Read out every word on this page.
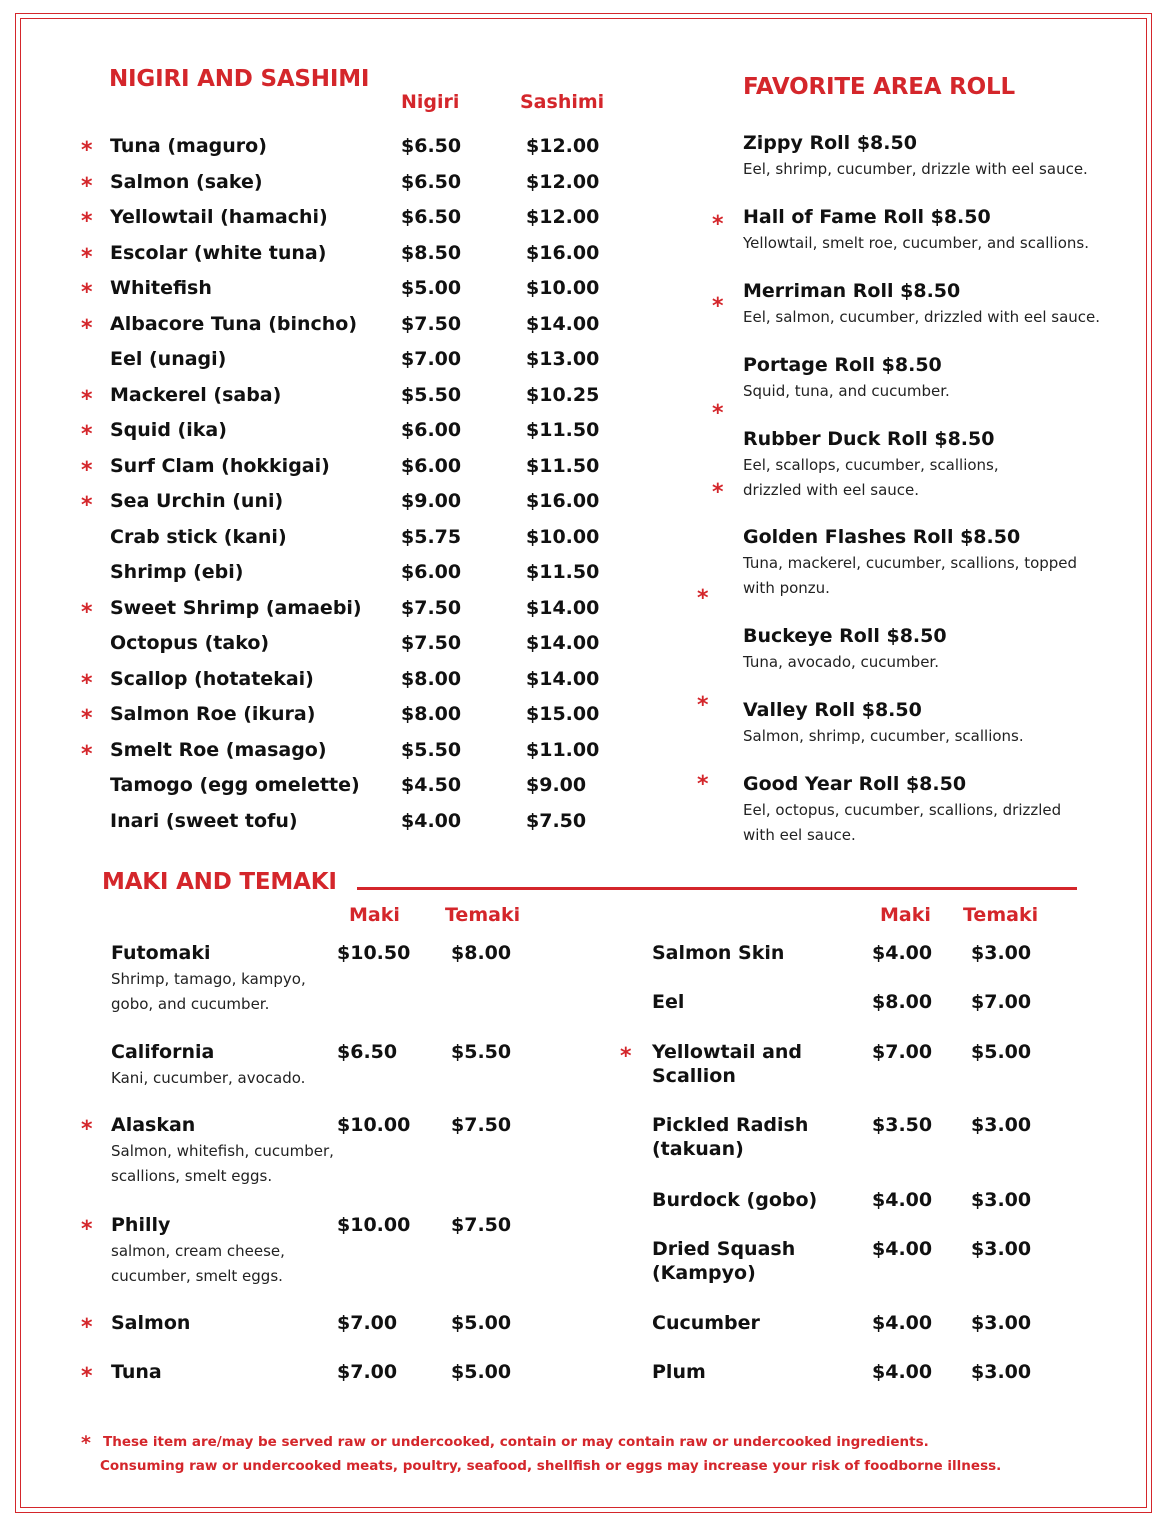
NIGIRI AND SASHIMI
Nigiri	Sashimi
* Tuna (maguro)	$6.50	$12.00
* Salmon (sake)	$6.50	$12.00
* Yellowtail (hamachi)	$6.50	$12.00
* Escolar (white tuna)	$8.50	$16.00
* Whitefish	$5.00	$10.00
* Albacore Tuna (bincho) $7.50	$14.00
Eel (unagi)	$7.00	$13.00
* Mackerel (saba)	$5.50	$10.25
* Squid (ika)	$6.00	$11.50
* Surf Clam (hokkigai)	$6.00	$11.50
* Sea Urchin (uni)	$9.00	$16.00
Crab stick (kani)	$5.75	$10.00
Shrimp (ebi)	$6.00	$11.50
* Sweet Shrimp (amaebi) $7.50	$14.00
Octopus (tako)	$7.50	$14.00
* Scallop (hotatekai)	$8.00	$14.00
* Salmon Roe (ikura)	$8.00	$15.00
* Smelt Roe (masago)	$5.50	$11.00
Tamogo (egg omelette) $4.50	$9.00
Inari (sweet tofu)	$4.00	$7.50
FAVORITE AREA ROLL
Zippy Roll $8.50
Eel, shrimp, cucumber, drizzle with eel sauce.
Hall of Fame Roll $8.50
Yellowtail, smelt roe, cucumber, and scallions.
Merriman Roll $8.50
Eel, salmon, cucumber, drizzled with eel sauce.
Portage Roll $8.50
Squid, tuna, and cucumber.
Rubber Duck Roll $8.50
Eel, scallops, cucumber, scallions,
drizzled with eel sauce.
Golden Flashes Roll $8.50
Tuna, mackerel, cucumber, scallions, topped
with ponzu.
Buckeye Roll $8.50
Tuna, avocado, cucumber.
Valley Roll $8.50
Salmon, shrimp, cucumber, scallions.
Good Year Roll $8.50
Eel, octopus, cucumber, scallions, drizzled
with eel sauce.
*
*
*
*
*
*
*
MAKI AND TEMAKI
Maki Temaki	Maki Temaki
Futomaki	$10.50 $8.00
Shrimp, tamago, kampyo,
gobo, and cucumber.
California	$6.50	$5.50
Kani, cucumber, avocado.
* Alaskan	$10.00 $7.50
Salmon, whitefish, cucumber,
scallions, smelt eggs.
* Philly	$10.00 $7.50
salmon, cream cheese,
cucumber, smelt eggs.
* Salmon	$7.00	$5.00
* Tuna	$7.00	$5.00
Salmon Skin	$4.00 $3.00
Eel	$8.00 $7.00
* Yellowtail and
Scallion
$7.00 $5.00
Pickled Radish
(takuan)
$3.50 $3.00
Burdock (gobo)	$4.00 $3.00
Dried Squash
(Kampyo)
$4.00 $3.00
Cucumber	$4.00 $3.00
Plum	$4.00 $3.00
* These item are/may be served raw or undercooked, contain or may contain raw or undercooked ingredients.
Consuming raw or undercooked meats, poultry, seafood, shellfish or eggs may increase your risk of foodborne illness.
